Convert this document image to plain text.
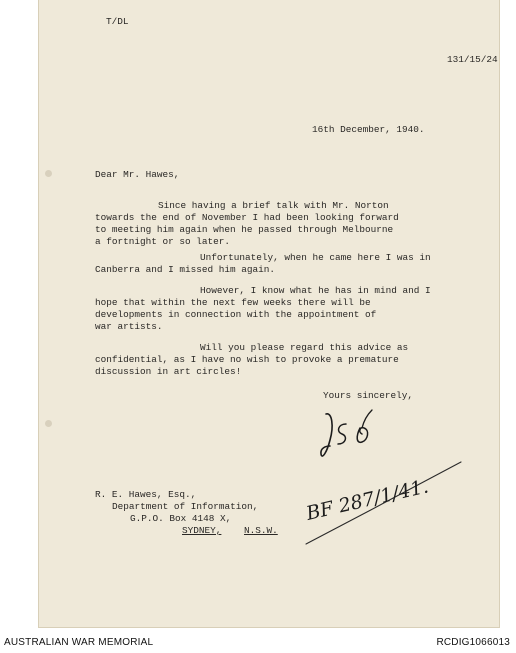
T/DL
131/15/24
16th December, 1940.
Dear Mr. Hawes,
Since having a brief talk with Mr. Norton
towards the end of November I had been looking forward
to meeting him again when he passed through Melbourne
a fortnight or so later.
Unfortunately, when he came here I was in
Canberra and I missed him again.
However, I know what he has in mind and I
hope that within the next few weeks there will be
developments in connection with the appointment of
war artists.
Will you please regard this advice as
confidential, as I have no wish to provoke a premature
discussion in art circles!
Yours sincerely,
R. E. Hawes, Esq.,
Department of Information,
G.P.O. Box 4148 X,
SYDNEY, N.S.W.
BF 287/1/41.
AUSTRALIAN WAR MEMORIAL	RCDIG1066013
